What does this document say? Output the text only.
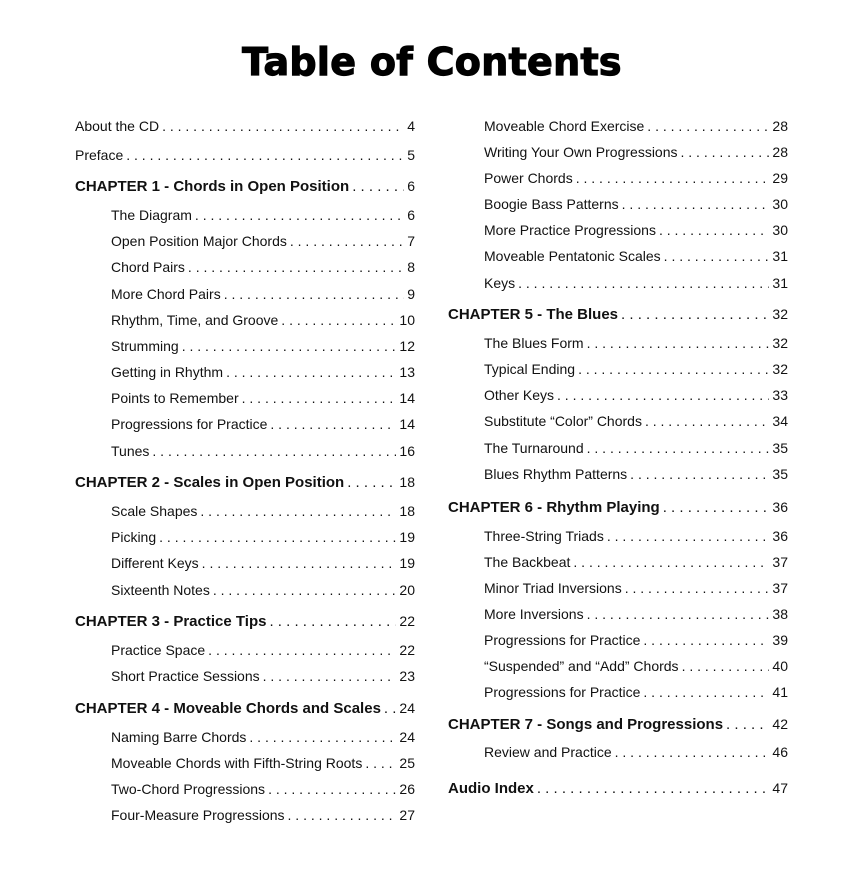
Table of Contents
About the CD . . .	4
Preface . . .	5
CHAPTER 1 - Chords in Open Position . . .	6
The Diagram . . .	6
Open Position Major Chords . . .	7
Chord Pairs . . .	8
More Chord Pairs . . .	9
Rhythm, Time, and Groove . . .	10
Strumming . . .	12
Getting in Rhythm . . .	13
Points to Remember . . .	14
Progressions for Practice . . .	14
Tunes . . .	16
CHAPTER 2 - Scales in Open Position . . .	18
Scale Shapes . . .	18
Picking . . .	19
Different Keys . . .	19
Sixteenth Notes . . .	20
CHAPTER 3 - Practice Tips . . .	22
Practice Space . . .	22
Short Practice Sessions . . .	23
CHAPTER 4 - Moveable Chords and Scales . . . 24
Naming Barre Chords . . .	24
Moveable Chords with Fifth-String Roots . . .	25
Two-Chord Progressions . . .	26
Four-Measure Progressions . . .	27
Moveable Chord Exercise . . .	28
Writing Your Own Progressions . . .	28
Power Chords . . .	29
Boogie Bass Patterns . . .	30
More Practice Progressions . . .	30
Moveable Pentatonic Scales . . .	31
Keys . . .	31
CHAPTER 5 - The Blues . . .	32
The Blues Form . . .	32
Typical Ending . . .	32
Other Keys . . .	33
Substitute “Color” Chords . . .	34
The Turnaround . . .	35
Blues Rhythm Patterns . . .	35
CHAPTER 6 - Rhythm Playing . . .	36
Three-String Triads . . .	36
The Backbeat . . .	37
Minor Triad Inversions . . .	37
More Inversions . . .	38
Progressions for Practice . . .	39
“Suspended” and “Add” Chords . . .	40
Progressions for Practice . . .	41
CHAPTER 7 - Songs and Progressions . . .	42
Review and Practice . . .	46
Audio Index . . .	47
